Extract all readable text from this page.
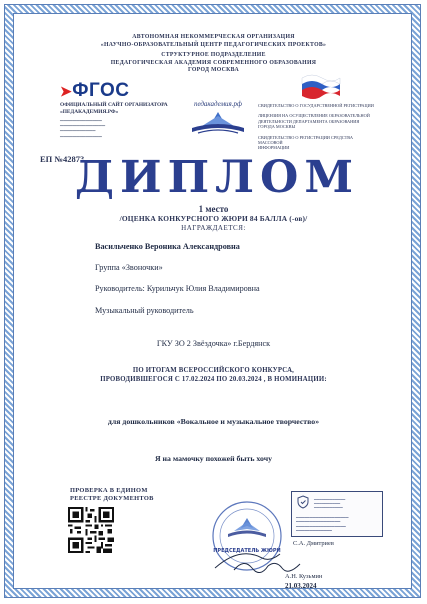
АВТОНОМНАЯ НЕКОММЕРЧЕСКАЯ ОРГАНИЗАЦИЯ
«НАУЧНО-ОБРАЗОВАТЕЛЬНЫЙ ЦЕНТР ПЕДАГОГИЧЕСКИХ ПРОЕКТОВ»
СТРУКТУРНОЕ ПОДРАЗДЕЛЕНИЕ
ПЕДАГОГИЧЕСКАЯ АКАДЕМИЯ СОВРЕМЕННОГО ОБРАЗОВАНИЯ
ГОРОД МОСКВА
➤ФГОС
ОФИЦИАЛЬНЫЙ САЙТ ОРГАНИЗАТОРА
«ПЕДАКАДЕМИЯ.РФ»
▁▁▁▁▁▁▁▁▁▁▁▁▁
▁▁▁▁▁▁▁▁▁▁▁▁▁▁
▁▁▁▁▁▁▁▁▁▁▁
▁▁▁▁▁▁▁▁▁▁▁▁▁
педакадемия.рф	СВИДЕТЕЛЬСТВО О ГОСУДАРСТВЕННОЙ РЕГИСТРАЦИИ
ЛИЦЕНЗИЯ НА ОСУЩЕСТВЛЕНИЕ ОБРАЗОВАТЕЛЬНОЙ
ДЕЯТЕЛЬНОСТИ ДЕПАРТАМЕНТА ОБРАЗОВАНИЯ
ГОРОДА МОСКВЫ
СВИДЕТЕЛЬСТВО О РЕГИСТРАЦИИ СРЕДСТВА МАССОВОЙ
ИНФОРМАЦИИ
ЕП №42873
ДИПЛОМ
1 место
/ОЦЕНКА КОНКУРСНОГО ЖЮРИ 84 БАЛЛА (-ов)/
НАГРАЖДАЕТСЯ:
Васильченко Вероника Александровна
Группа «Звоночки»
Руководитель: Курильчук Юлия Владимировна
Музыкальный руководитель
ГКУ ЗО 2 Звёздочка» г.Бердянск
ПО ИТОГАМ ВСЕРОССИЙСКОГО КОНКУРСА,
ПРОВОДИВШЕГОСЯ С 17.02.2024 ПО 20.03.2024 , В НОМИНАЦИИ:
для дошкольников «Вокальное и музыкальное творчество»
Я на мамочку похожей быть хочу
ПРОВЕРКА В ЕДИНОМ
РЕЕСТРЕ ДОКУМЕНТОВ	▁▁▁▁▁▁▁▁▁▁▁▁
▁▁▁▁▁▁▁▁▁▁
▁▁▁▁▁▁▁▁▁▁▁
▁▁▁▁▁▁▁▁▁▁▁▁▁▁▁▁▁▁▁
▁▁▁▁▁▁▁▁▁▁▁▁▁▁▁▁
▁▁▁▁▁▁▁▁▁▁▁▁▁▁▁▁▁▁
▁▁▁▁▁▁▁▁▁▁▁▁▁
ПРЕДСЕДАТЕЛЬ ЖЮРИ
С.А. Дмитриев
А.Н. Кузьмин
21.03.2024
